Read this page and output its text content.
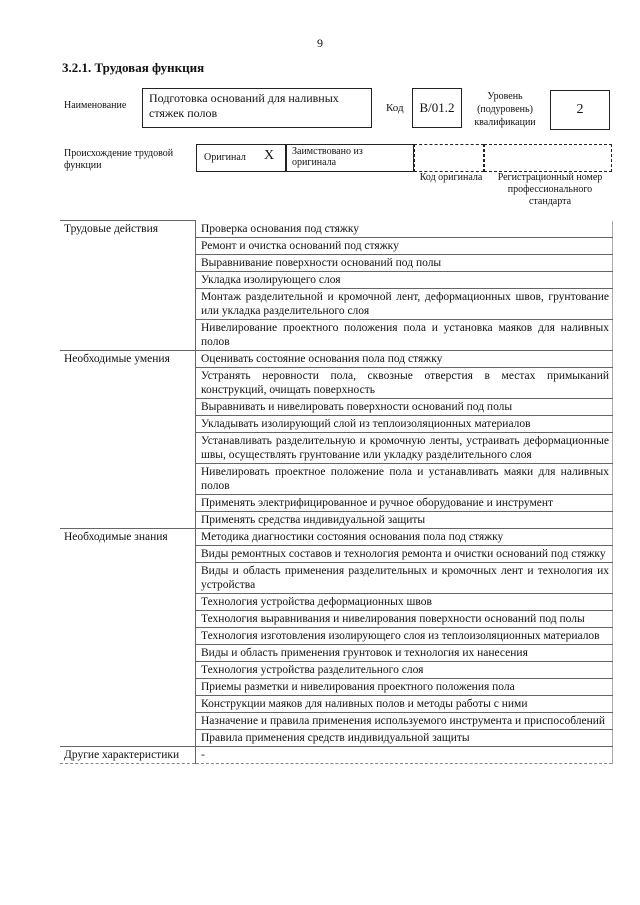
9
3.2.1. Трудовая функция
Наименование
Подготовка оснований для наливных стяжек полов	Код	В/01.2
Уровень (подуровень) квалификации
2
Происхождение трудовой функции
Оригинал X Заимствовано из оригинала
Код оригинала	Регистрационный номер профессионального стандарта
Трудовые действия	Проверка основания под стяжку
	Ремонт и очистка оснований под стяжку
	Выравнивание поверхности оснований под полы
	Укладка изолирующего слоя
	Монтаж разделительной и кромочной лент, деформационных швов, грунтование или укладка разделительного слоя
	Нивелирование проектного положения пола и установка маяков для наливных полов
Необходимые умения	Оценивать состояние основания пола под стяжку
	Устранять неровности пола, сквозные отверстия в местах примыканий конструкций, очищать поверхность
	Выравнивать и нивелировать поверхности оснований под полы
	Укладывать изолирующий слой из теплоизоляционных материалов
	Устанавливать разделительную и кромочную ленты, устраивать деформационные швы, осуществлять грунтование или укладку разделительного слоя
	Нивелировать проектное положение пола и устанавливать маяки для наливных полов
	Применять электрифицированное и ручное оборудование и инструмент
	Применять средства индивидуальной защиты
Необходимые знания	Методика диагностики состояния основания пола под стяжку
	Виды ремонтных составов и технология ремонта и очистки оснований под стяжку
	Виды и область применения разделительных и кромочных лент и технология их устройства
	Технология устройства деформационных швов
	Технология выравнивания и нивелирования поверхности оснований под полы
	Технология изготовления изолирующего слоя из теплоизоляционных материалов
	Виды и область применения грунтовок и технология их нанесения
	Технология устройства разделительного слоя
	Приемы разметки и нивелирования проектного положения пола
	Конструкции маяков для наливных полов и методы работы с ними
	Назначение и правила применения используемого инструмента и приспособлений
	Правила применения средств индивидуальной защиты
Другие характеристики	-
